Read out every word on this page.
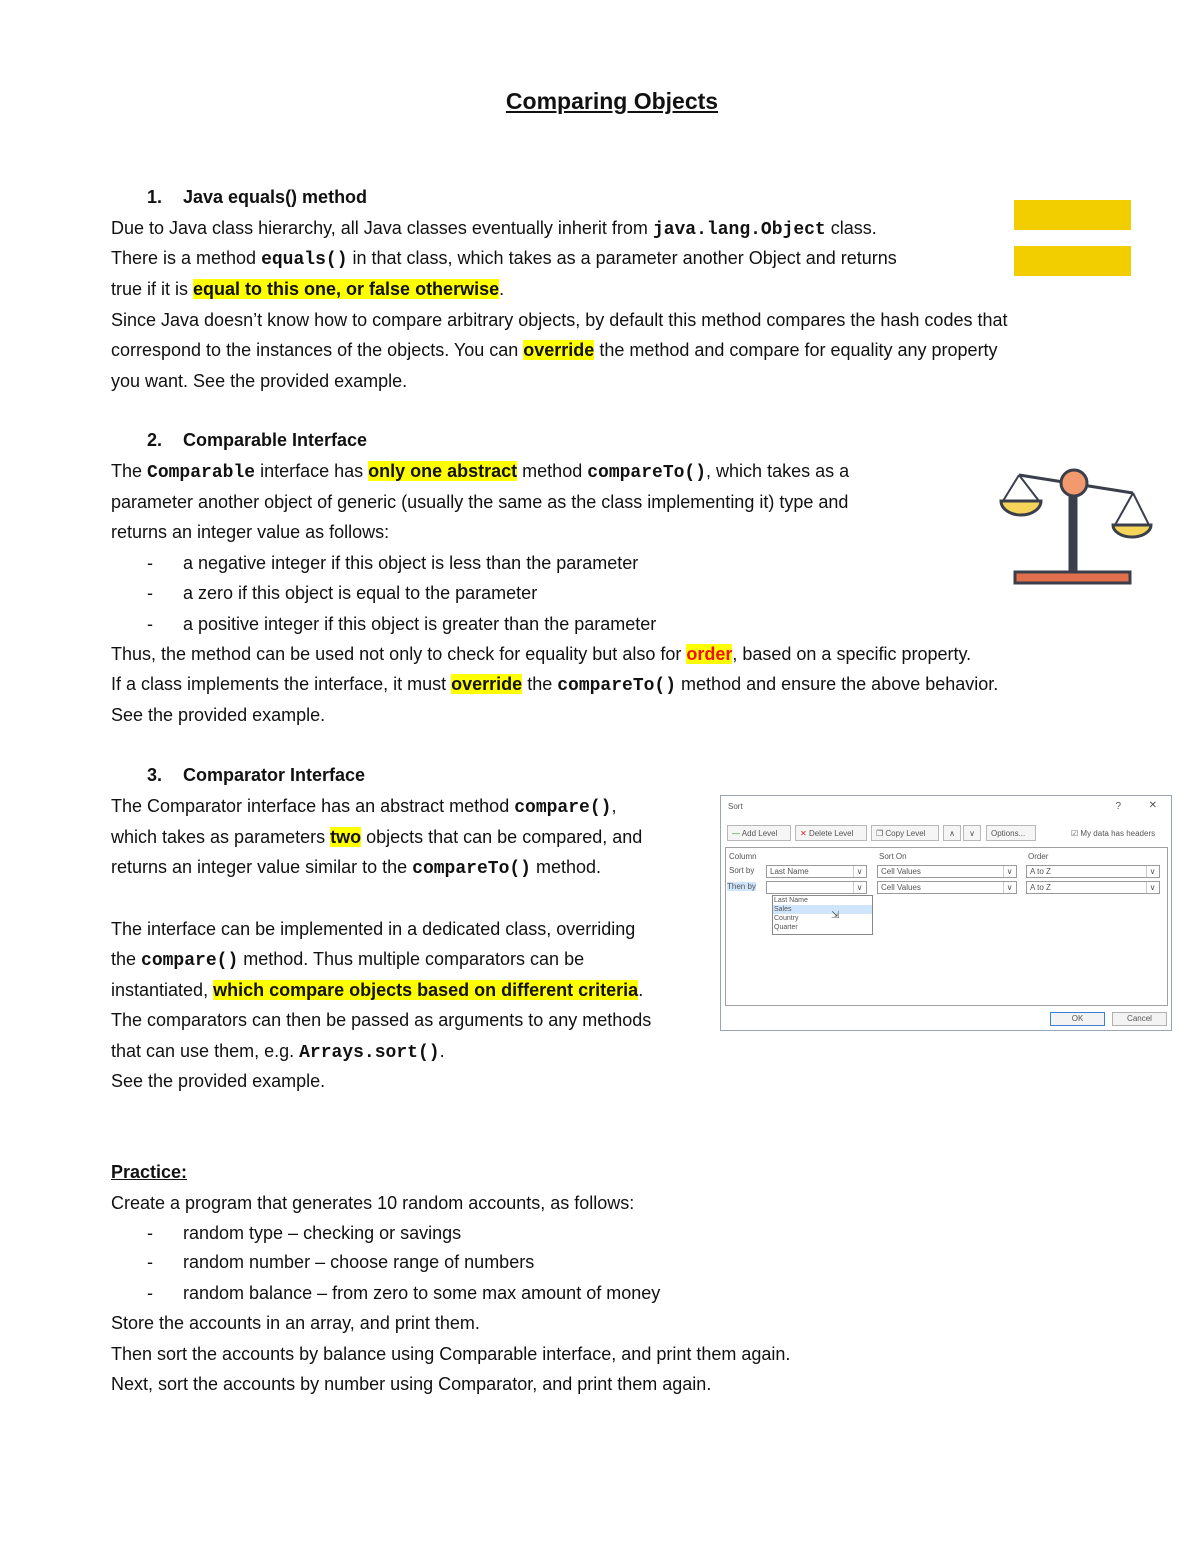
Comparing Objects
1. Java equals() method
Due to Java class hierarchy, all Java classes eventually inherit from java.lang.Object class.
There is a method equals() in that class, which takes as a parameter another Object and returns
true if it is equal to this one, or false otherwise.
Since Java doesn’t know how to compare arbitrary objects, by default this method compares the hash codes that
correspond to the instances of the objects. You can override the method and compare for equality any property
you want. See the provided example.
2. Comparable Interface
The Comparable interface has only one abstract method compareTo(), which takes as a
parameter another object of generic (usually the same as the class implementing it) type and
returns an integer value as follows:
- a negative integer if this object is less than the parameter
- a zero if this object is equal to the parameter
- a positive integer if this object is greater than the parameter
Thus, the method can be used not only to check for equality but also for order, based on a specific property.
If a class implements the interface, it must override the compareTo() method and ensure the above behavior.
See the provided example.
3. Comparator Interface
The Comparator interface has an abstract method compare(),
which takes as parameters two objects that can be compared, and
returns an integer value similar to the compareTo() method.
The interface can be implemented in a dedicated class, overriding
the compare() method. Thus multiple comparators can be
instantiated, which compare objects based on different criteria.
The comparators can then be passed as arguments to any methods
that can use them, e.g. Arrays.sort().
See the provided example.
Sort	?	✕
— Add Level	✕ Delete Level	❐ Copy Level	∧	∨	Options...	☑ My data has headers
Column	Sort On	Order
Sort by	Last Name	∨	Cell Values	∨	A to Z	∨
Then by	∨	Cell Values	∨	A to Z	∨
Last Name
Sales
Country
Quarter
⇲
OK	Cancel
Practice:
Create a program that generates 10 random accounts, as follows:
- random type – checking or savings
- random number – choose range of numbers
- random balance – from zero to some max amount of money
Store the accounts in an array, and print them.
Then sort the accounts by balance using Comparable interface, and print them again.
Next, sort the accounts by number using Comparator, and print them again.
